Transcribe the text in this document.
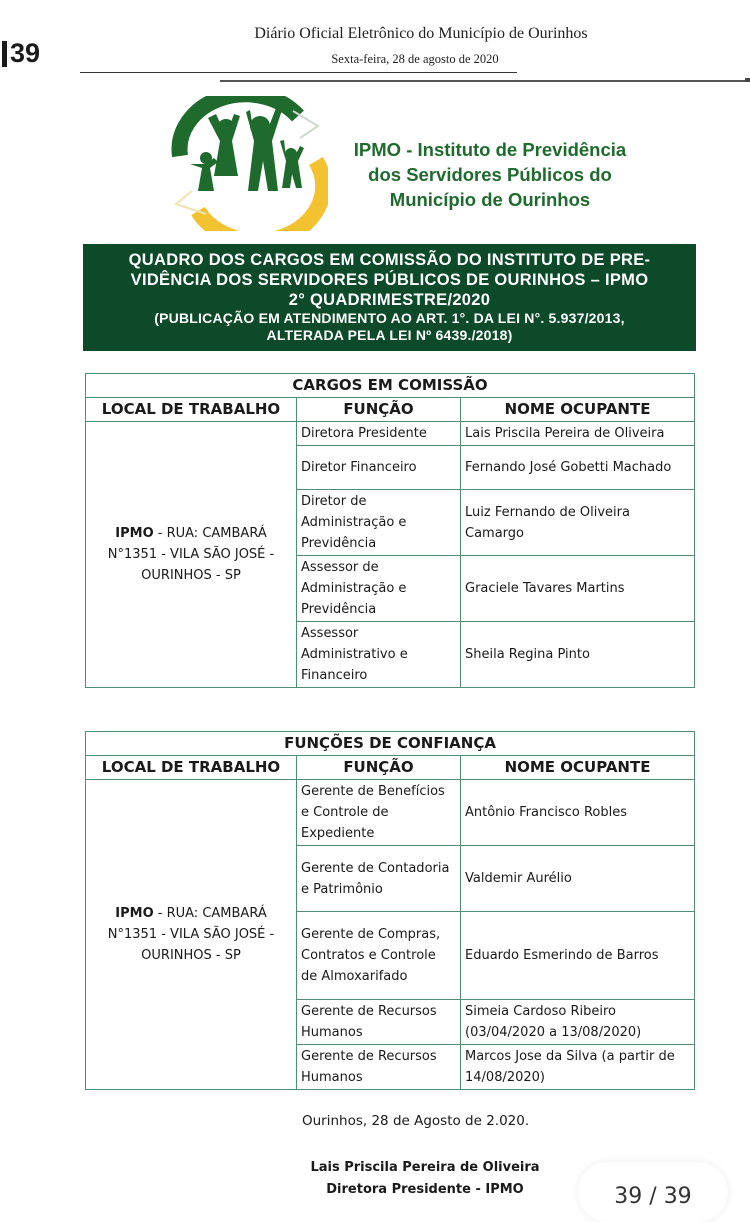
39
Diário Oficial Eletrônico do Município de Ourinhos
Sexta-feira, 28 de agosto de 2020
IPMO - Instituto de Previdência
dos Servidores Públicos do
Município de Ourinhos
QUADRO DOS CARGOS EM COMISSÃO DO INSTITUTO DE PRE-
VIDÊNCIA DOS SERVIDORES PÚBLICOS DE OURINHOS – IPMO
2° QUADRIMESTRE/2020
(PUBLICAÇÃO EM ATENDIMENTO AO ART. 1°. DA LEI N°. 5.937/2013,
ALTERADA PELA LEI Nº 6439./2018)
CARGOS EM COMISSÃO		
LOCAL DE TRABALHO	FUNÇÃO	NOME OCUPANTE
IPMO - RUA: CAMBARÁ N°1351 - VILA SÃO JOSÉ - OURINHOS - SP	Diretora Presidente	Lais Priscila Pereira de Oliveira
	Diretor Financeiro	Fernando José Gobetti Machado
	Diretor de Administração e Previdência	Luiz Fernando de Oliveira Camargo
	Assessor de Administração e Previdência	Graciele Tavares Martins
	Assessor Administrativo e Financeiro	Sheila Regina Pinto
FUNÇÕES DE CONFIANÇA		
LOCAL DE TRABALHO	FUNÇÃO	NOME OCUPANTE
IPMO - RUA: CAMBARÁ N°1351 - VILA SÃO JOSÉ - OURINHOS - SP	Gerente de Benefícios e Controle de Expediente	Antônio Francisco Robles
	Gerente de Contadoria e Patrimônio	Valdemir Aurélio
	Gerente de Compras, Contratos e Controle de Almoxarifado	Eduardo Esmerindo de Barros
	Gerente de Recursos Humanos	Simeia Cardoso Ribeiro (03/04/2020 a 13/08/2020)
	Gerente de Recursos Humanos	Marcos Jose da Silva (a partir de 14/08/2020)
Ourinhos, 28 de Agosto de 2.020.
Lais Priscila Pereira de Oliveira
Diretora Presidente - IPMO	39 / 39
